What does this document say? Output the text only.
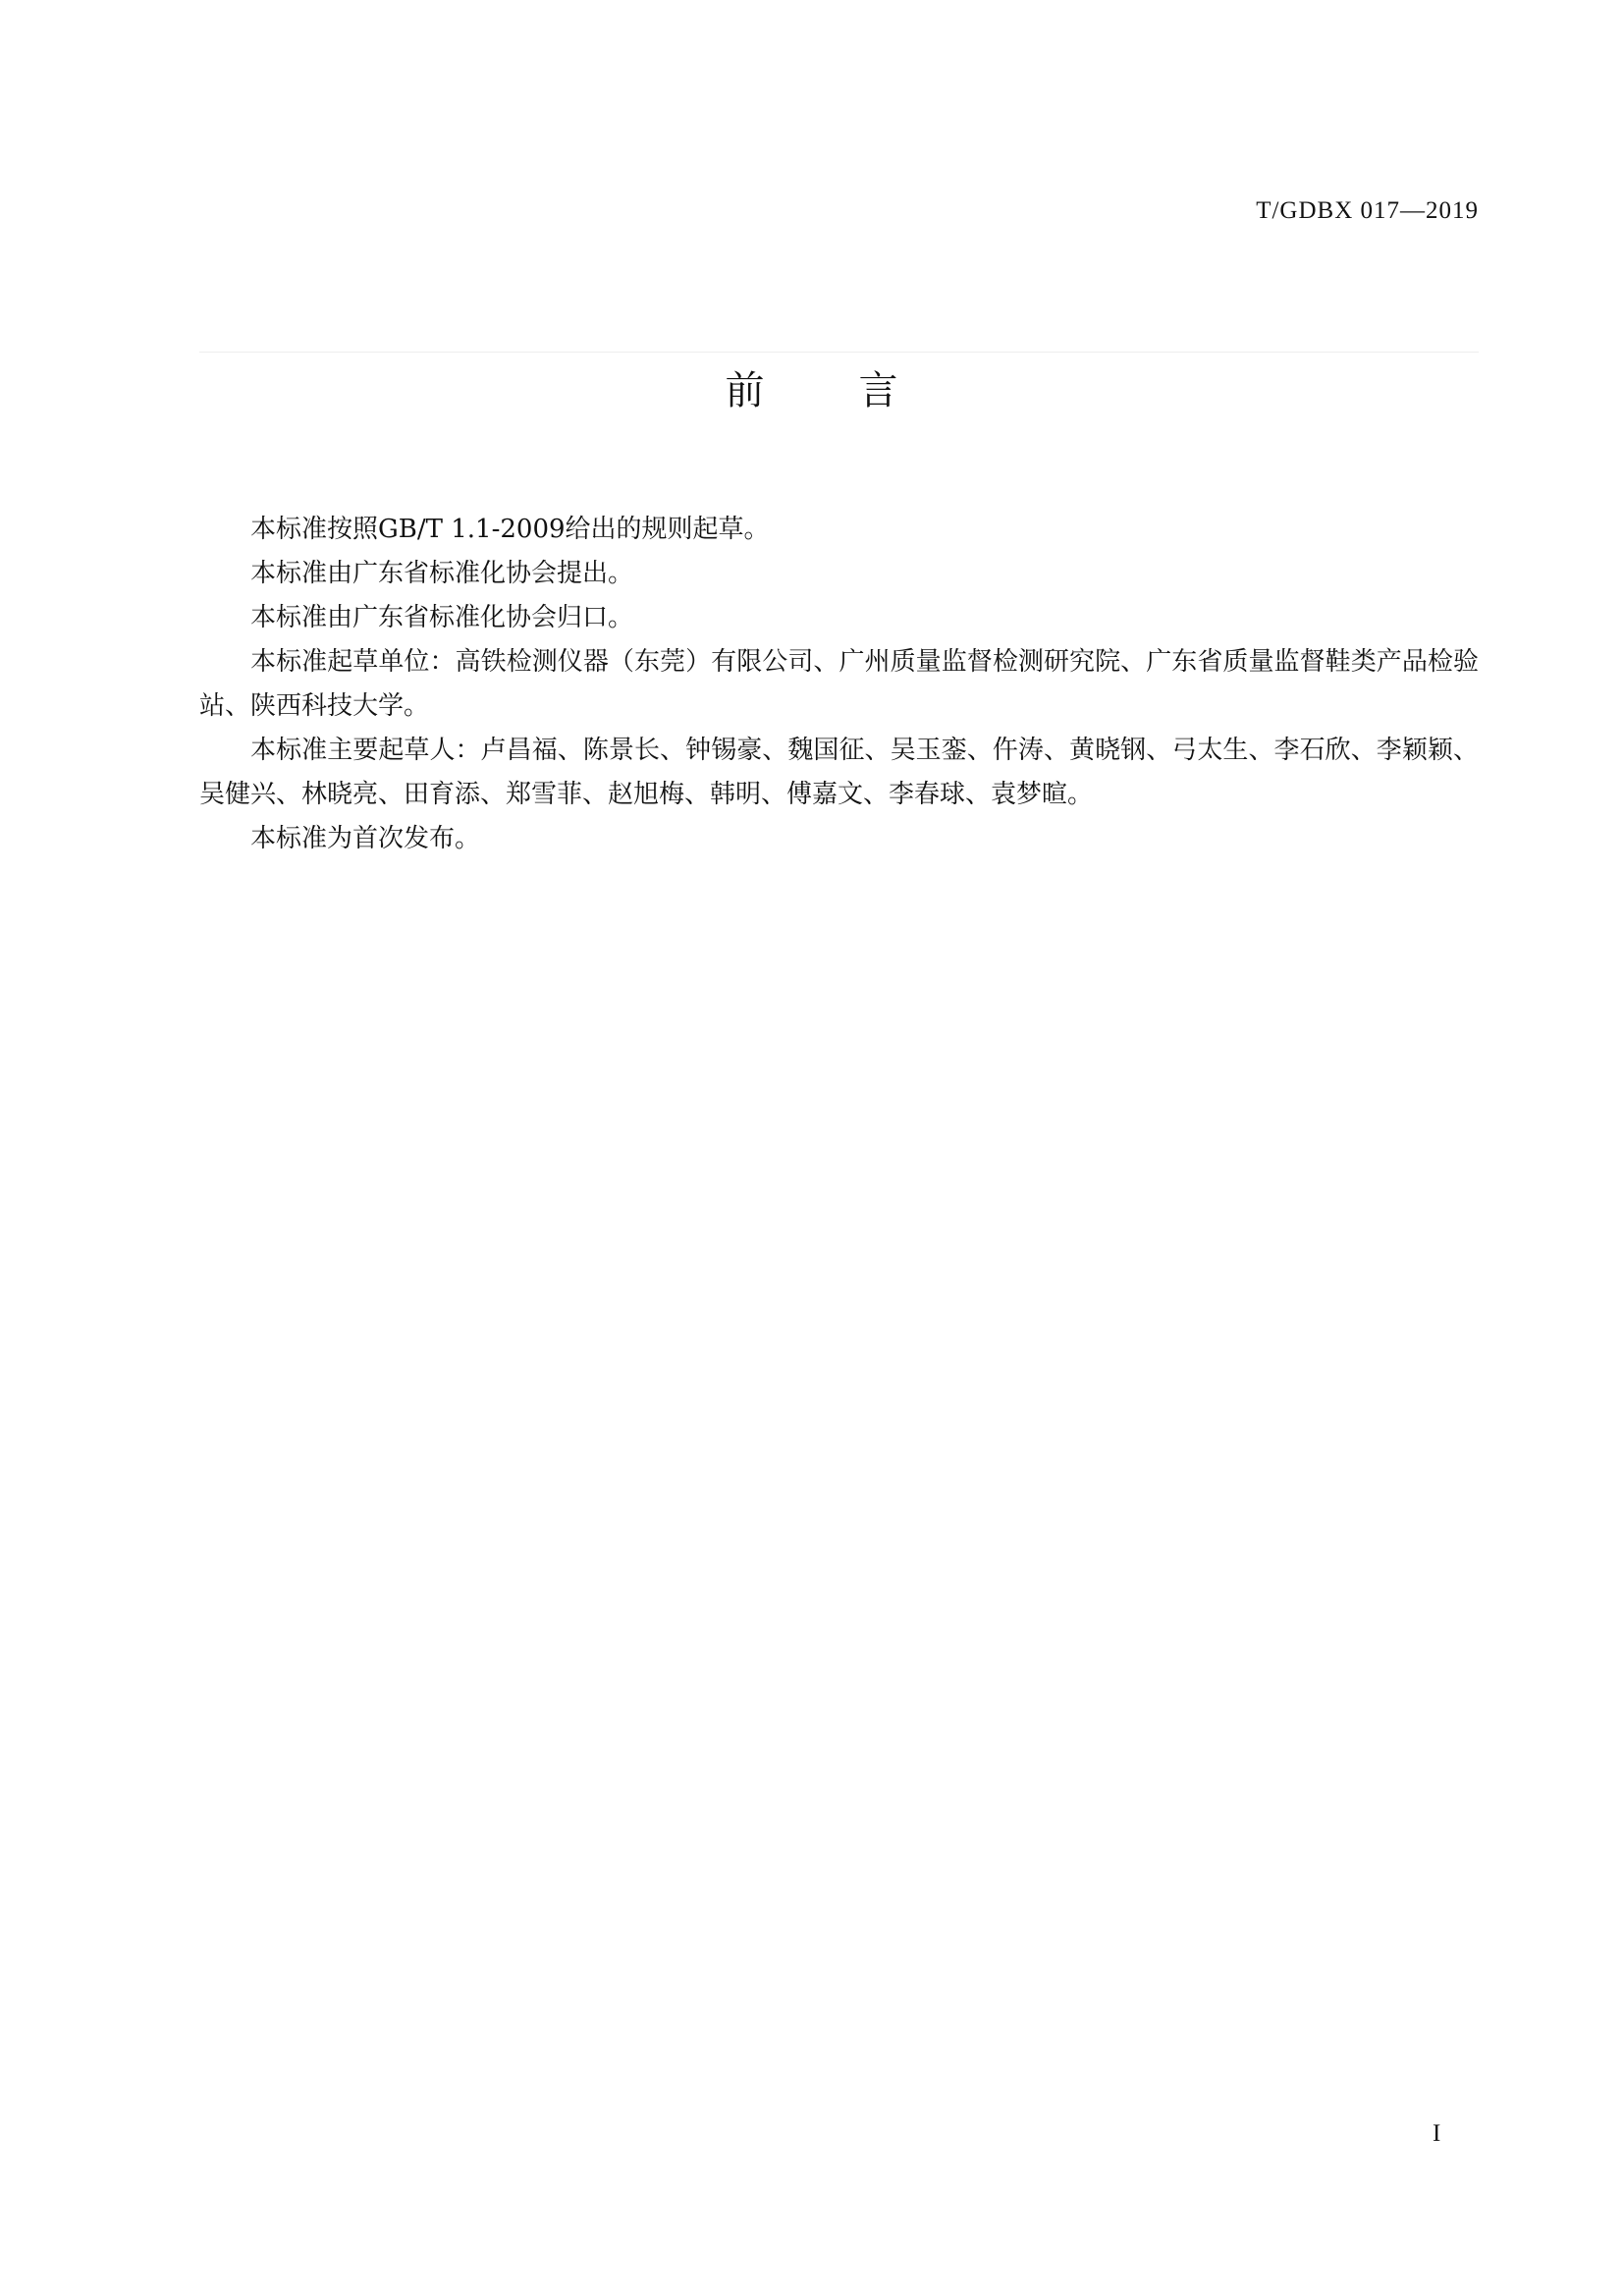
T/GDBX 017—2019
前 言

本标准按照GB/T 1.1-2009给出的规则起草。

本标准由广东省标准化协会提出。

本标准由广东省标准化协会归口。

本标准起草单位：高铁检测仪器（东莞）有限公司、广州质量监督检测研究院、广东省质量监督鞋类产品检验站、陕西科技大学。

本标准主要起草人：卢昌福、陈景长、钟锡豪、魏国征、吴玉銮、仵涛、黄晓钢、弓太生、李石欣、李颖颖、吴健兴、林晓亮、田育添、郑雪菲、赵旭梅、韩明、傅嘉文、李春球、袁梦暄。

本标准为首次发布。

I
